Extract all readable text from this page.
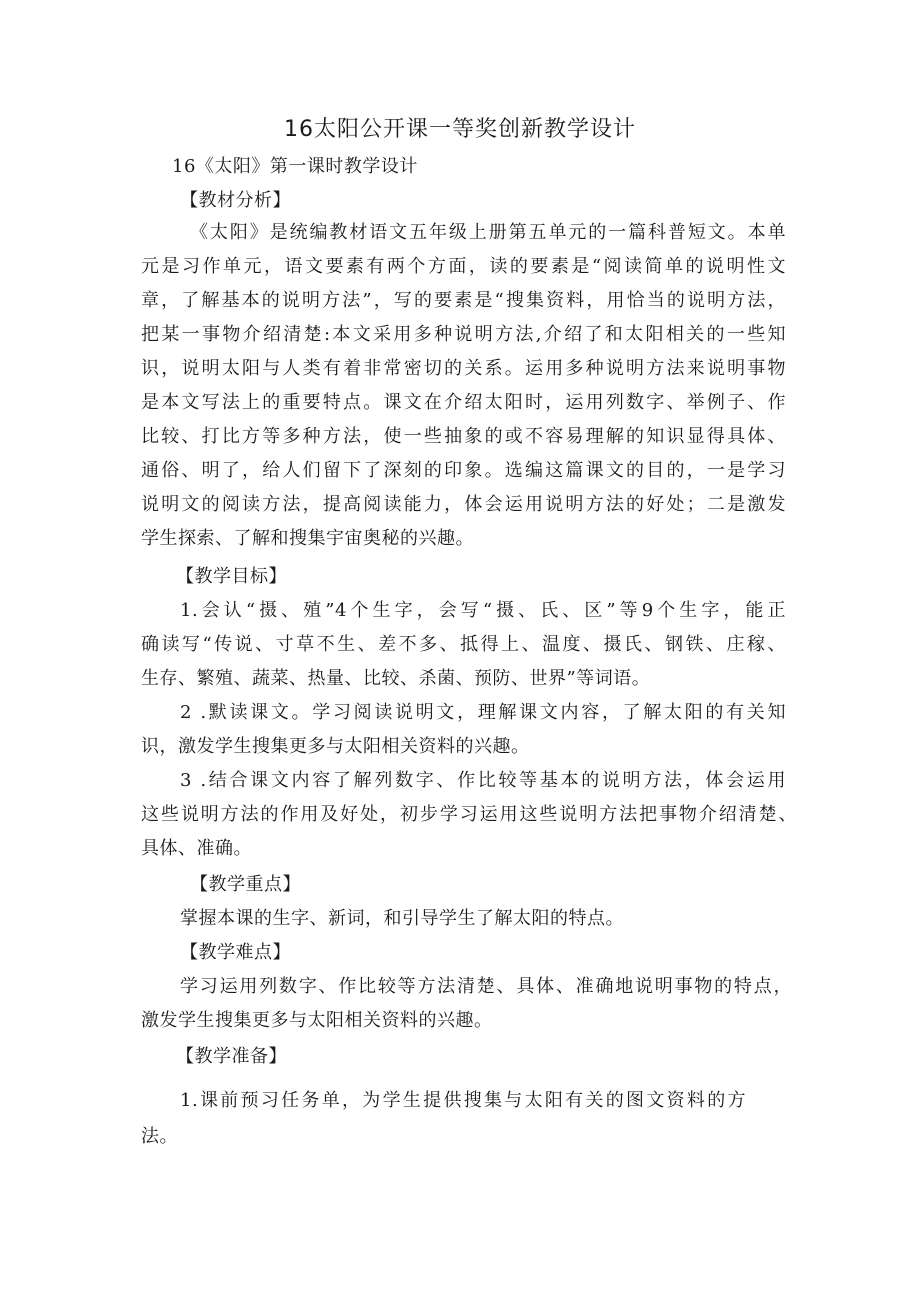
16太阳公开课一等奖创新教学设计
16《太阳》第一课时教学设计
【教材分析】
《太阳》是统编教材语文五年级上册第五单元的一篇科普短文。本单
元是习作单元，语文要素有两个方面，读的要素是“阅读简单的说明性文
章，了解基本的说明方法”，写的要素是“搜集资料，用恰当的说明方法，
把某一事物介绍清楚:本文采用多种说明方法,介绍了和太阳相关的一些知
识，说明太阳与人类有着非常密切的关系。运用多种说明方法来说明事物
是本文写法上的重要特点。课文在介绍太阳时，运用列数字、举例子、作
比较、打比方等多种方法，使一些抽象的或不容易理解的知识显得具体、
通俗、明了，给人们留下了深刻的印象。选编这篇课文的目的，一是学习
说明文的阅读方法，提高阅读能力，体会运用说明方法的好处；二是激发
学生探索、了解和搜集宇宙奥秘的兴趣。
【教学目标】
1.会认“摄、殖”4个生字，会写“摄、氏、区”等9个生字，能正
确读写“传说、寸草不生、差不多、抵得上、温度、摄氏、钢铁、庄稼、
生存、繁殖、蔬菜、热量、比较、杀菌、预防、世界”等词语。
2 .默读课文。学习阅读说明文，理解课文内容，了解太阳的有关知
识，激发学生搜集更多与太阳相关资料的兴趣。
3 .结合课文内容了解列数字、作比较等基本的说明方法，体会运用
这些说明方法的作用及好处，初步学习运用这些说明方法把事物介绍清楚、
具体、准确。
【教学重点】
掌握本课的生字、新词，和引导学生了解太阳的特点。
【教学难点】
学习运用列数字、作比较等方法清楚、具体、准确地说明事物的特点，
激发学生搜集更多与太阳相关资料的兴趣。
【教学准备】
1.课前预习任务单，为学生提供搜集与太阳有关的图文资料的方
法。
